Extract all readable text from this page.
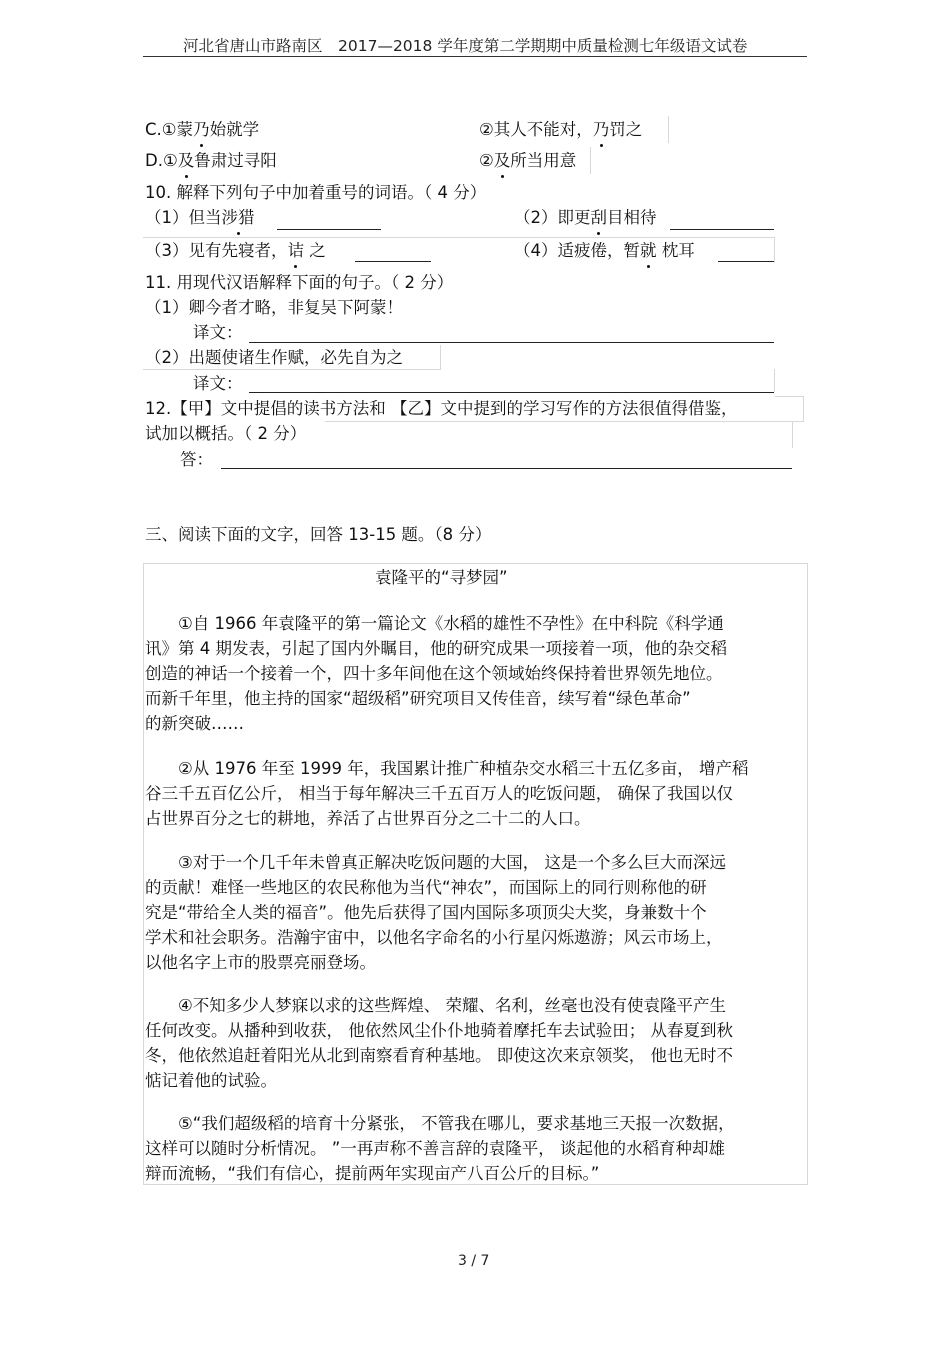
河北省唐山市路南区 2017—2018 学年度第二学期期中质量检测七年级语文试卷
C.①蒙乃始就学	②其人不能对，乃罚之
D.①及鲁肃过寻阳	②及所当用意
10. 解释下列句子中加着重号的词语。（ 4 分）
（1）但当涉猎	（2）即更刮目相待
（3）见有先寝者，诘 之	（4）适疲倦，暂就 枕耳
11. 用现代汉语解释下面的句子。（ 2 分）
（1）卿今者才略，非复吴下阿蒙！
译文：
（2）出题使诸生作赋，必先自为之
译文：
12.【甲】文中提倡的读书方法和 【乙】文中提到的学习写作的方法很值得借鉴，
试加以概括。（ 2 分）
答：
三、阅读下面的文字，回答 13-15 题。（8 分）
袁隆平的“寻梦园”
①自 1966 年袁隆平的第一篇论文《水稻的雄性不孕性》在中科院《科学通
讯》第 4 期发表，引起了国内外瞩目，他的研究成果一项接着一项，他的杂交稻
创造的神话一个接着一个，四十多年间他在这个领域始终保持着世界领先地位。
而新千年里，他主持的国家“超级稻”研究项目又传佳音，续写着“绿色革命”
的新突破……
②从 1976 年至 1999 年，我国累计推广种植杂交水稻三十五亿多亩， 增产稻
谷三千五百亿公斤， 相当于每年解决三千五百万人的吃饭问题， 确保了我国以仅
占世界百分之七的耕地，养活了占世界百分之二十二的人口。
③对于一个几千年未曾真正解决吃饭问题的大国， 这是一个多么巨大而深远
的贡献！难怪一些地区的农民称他为当代“神农”，而国际上的同行则称他的研
究是“带给全人类的福音”。他先后获得了国内国际多项顶尖大奖，身兼数十个
学术和社会职务。浩瀚宇宙中，以他名字命名的小行星闪烁遨游；风云市场上，
以他名字上市的股票亮丽登场。
④不知多少人梦寐以求的这些辉煌、 荣耀、名利，丝毫也没有使袁隆平产生
任何改变。从播种到收获， 他依然风尘仆仆地骑着摩托车去试验田； 从春夏到秋
冬，他依然追赶着阳光从北到南察看育种基地。 即使这次来京领奖， 他也无时不
惦记着他的试验。
⑤“我们超级稻的培育十分紧张， 不管我在哪儿，要求基地三天报一次数据，
这样可以随时分析情况。 ”一再声称不善言辞的袁隆平， 谈起他的水稻育种却雄
辩而流畅，“我们有信心，提前两年实现亩产八百公斤的目标。”
3 / 7
